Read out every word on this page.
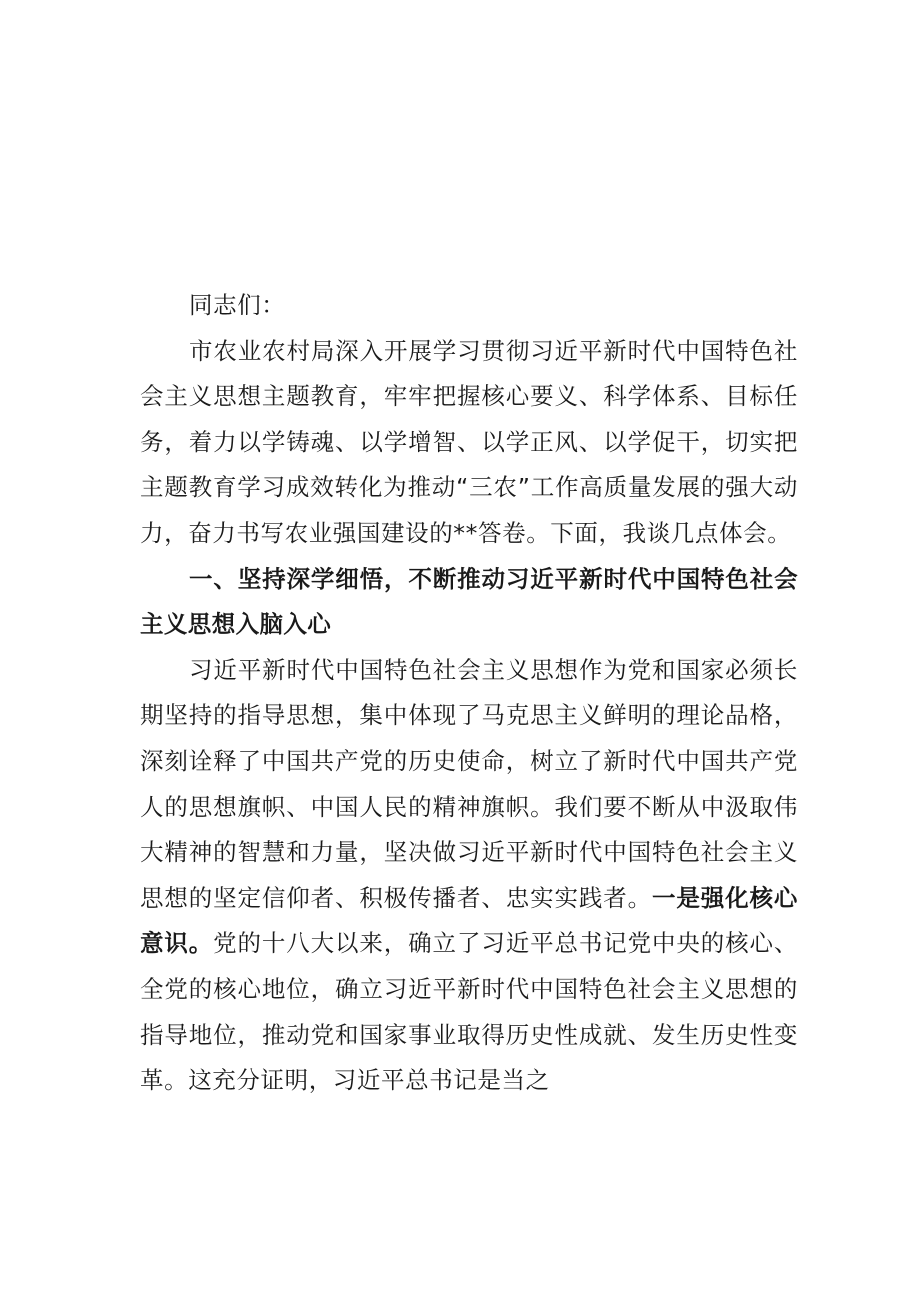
同志们：

市农业农村局深入开展学习贯彻习近平新时代中国特色社会主义思想主题教育，牢牢把握核心要义、科学体系、目标任务，着力以学铸魂、以学增智、以学正风、以学促干，切实把主题教育学习成效转化为推动“三农”工作高质量发展的强大动力，奋力书写农业强国建设的**答卷。下面，我谈几点体会。

一、坚持深学细悟，不断推动习近平新时代中国特色社会主义思想入脑入心

习近平新时代中国特色社会主义思想作为党和国家必须长期坚持的指导思想，集中体现了马克思主义鲜明的理论品格，深刻诠释了中国共产党的历史使命，树立了新时代中国共产党人的思想旗帜、中国人民的精神旗帜。我们要不断从中汲取伟大精神的智慧和力量，坚决做习近平新时代中国特色社会主义思想的坚定信仰者、积极传播者、忠实实践者。一是强化核心意识。党的十八大以来，确立了习近平总书记党中央的核心、全党的核心地位，确立习近平新时代中国特色社会主义思想的指导地位，推动党和国家事业取得历史性成就、发生历史性变革。这充分证明，习近平总书记是当之
